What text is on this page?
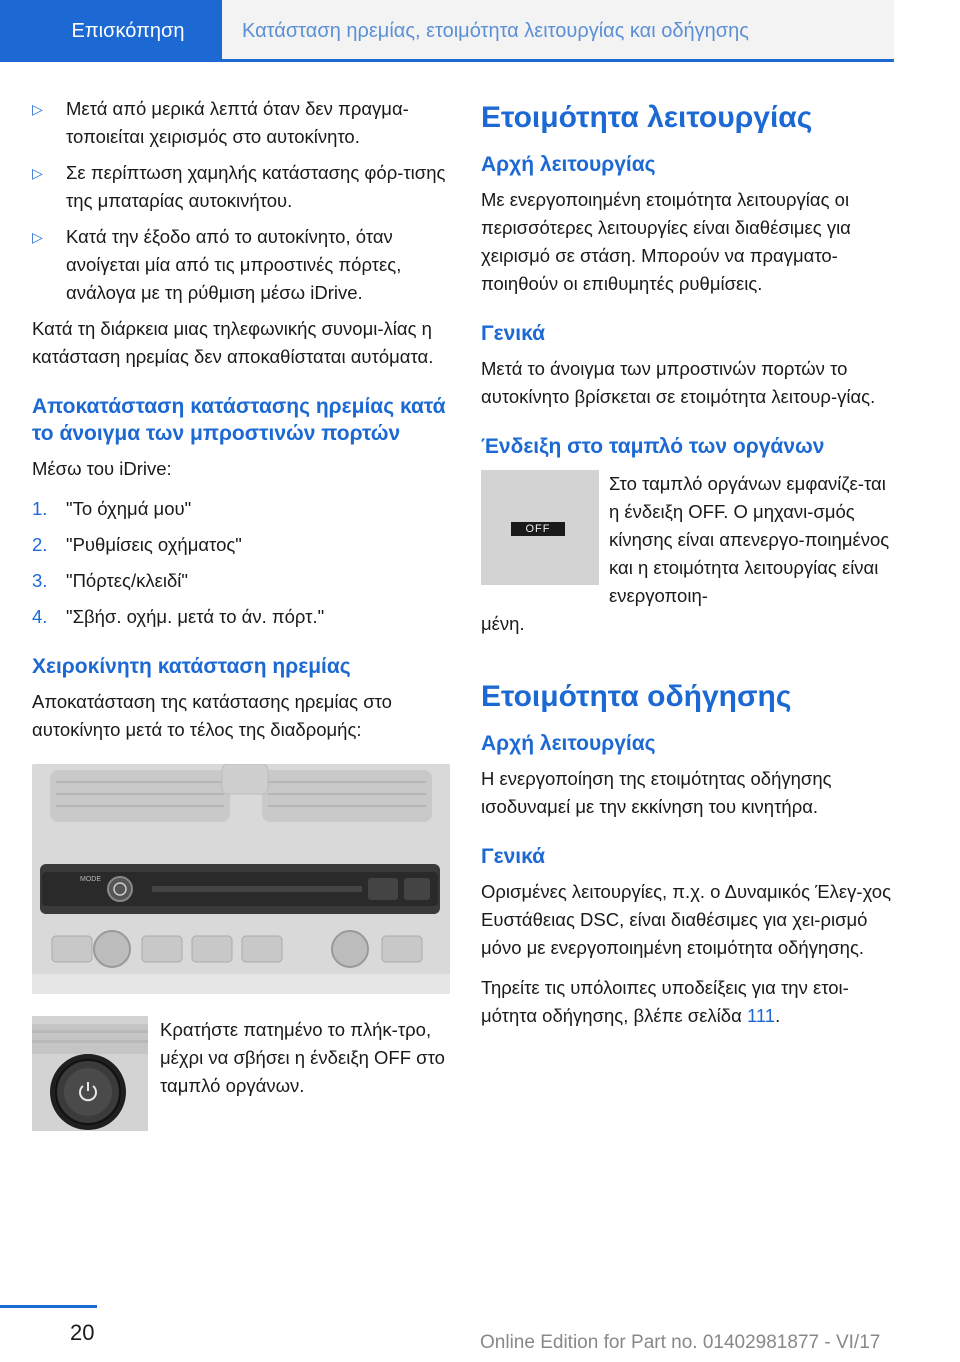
Επισκόπηση	Κατάσταση ηρεμίας, ετοιμότητα λειτουργίας και οδήγησης
▷ Μετά από μερικά λεπτά όταν δεν πραγμα‐τοποιείται χειρισμός στο αυτοκίνητο.
▷ Σε περίπτωση χαμηλής κατάστασης φόρ‐τισης της μπαταρίας αυτοκινήτου.
▷ Κατά την έξοδο από το αυτοκίνητο, όταν ανοίγεται μία από τις μπροστινές πόρτες, ανάλογα με τη ρύθμιση μέσω iDrive.

Κατά τη διάρκεια μιας τηλεφωνικής συνομι‐λίας η κατάσταση ηρεμίας δεν αποκαθίσταται αυτόματα.

Αποκατάσταση κατάστασης ηρεμίας κατά το άνοιγμα των μπροστινών πορτών

Μέσω του iDrive:

1.	"Το όχημά μου"
2.	"Ρυθμίσεις οχήματος"
3.	"Πόρτες/κλειδί"
4.	"Σβήσ. οχήμ. μετά το άν. πόρτ."
Χειροκίνητη κατάσταση ηρεμίας

Αποκατάσταση της κατάστασης ηρεμίας στο αυτοκίνητο μετά το τέλος της διαδρομής:

MODE

Κρατήστε πατημένο το πλήκ‐τρο, μέχρι να σβήσει η ένδειξη OFF στο ταμπλό οργάνων.

Ετοιμότητα λειτουργίας
Αρχή λειτουργίας

Με ενεργοποιημένη ετοιμότητα λειτουργίας οι περισσότερες λειτουργίες είναι διαθέσιμες για χειρισμό σε στάση. Μπορούν να πραγματο‐ποιηθούν οι επιθυμητές ρυθμίσεις.

Γενικά

Μετά το άνοιγμα των μπροστινών πορτών το αυτοκίνητο βρίσκεται σε ετοιμότητα λειτουρ‐γίας.

Ένδειξη στο ταμπλό των οργάνων
OFF

Στο ταμπλό οργάνων εμφανίζε‐ται η ένδειξη OFF. Ο μηχανι‐σμός κίνησης είναι απενεργο‐ποιημένος και η ετοιμότητα λειτουργίας είναι ενεργοποιη‐

μένη.

Ετοιμότητα οδήγησης
Αρχή λειτουργίας

Η ενεργοποίηση της ετοιμότητας οδήγησης ισοδυναμεί με την εκκίνηση του κινητήρα.

Γενικά

Ορισμένες λειτουργίες, π.χ. ο Δυναμικός Έλεγ‐χος Ευστάθειας DSC, είναι διαθέσιμες για χει‐ρισμό μόνο με ενεργοποιημένη ετοιμότητα οδήγησης.

Τηρείτε τις υπόλοιπες υποδείξεις για την ετοι‐μότητα οδήγησης, βλέπε σελίδα 111.

20	Online Edition for Part no. 01402981877 - VI/17
